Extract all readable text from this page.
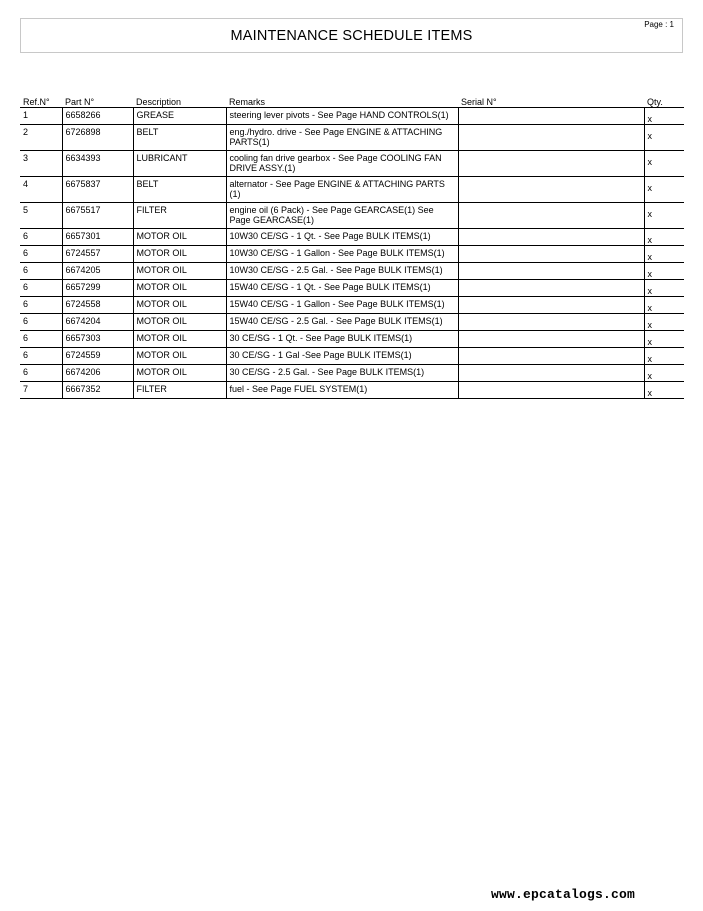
Page : 1
MAINTENANCE SCHEDULE ITEMS
Ref.N°	Part N°	Description	Remarks	Serial N°	Qty.
1	6658266	GREASE	steering lever pivots - See Page HAND CONTROLS(1)		x
2	6726898	BELT	eng./hydro. drive - See Page ENGINE & ATTACHING PARTS(1)		x
3	6634393	LUBRICANT	cooling fan drive gearbox - See Page COOLING FAN DRIVE ASSY.(1)		x
4	6675837	BELT	alternator - See Page ENGINE & ATTACHING PARTS (1)		x
5	6675517	FILTER	engine oil (6 Pack) - See Page GEARCASE(1) See Page GEARCASE(1)		x
6	6657301	MOTOR OIL	10W30 CE/SG - 1 Qt. - See Page BULK ITEMS(1)		x
6	6724557	MOTOR OIL	10W30 CE/SG - 1 Gallon - See Page BULK ITEMS(1)		x
6	6674205	MOTOR OIL	10W30 CE/SG - 2.5 Gal. - See Page BULK ITEMS(1)		x
6	6657299	MOTOR OIL	15W40 CE/SG - 1 Qt. - See Page BULK ITEMS(1)		x
6	6724558	MOTOR OIL	15W40 CE/SG - 1 Gallon - See Page BULK ITEMS(1)		x
6	6674204	MOTOR OIL	15W40 CE/SG - 2.5 Gal. - See Page BULK ITEMS(1)		x
6	6657303	MOTOR OIL	30 CE/SG - 1 Qt. - See Page BULK ITEMS(1)		x
6	6724559	MOTOR OIL	30 CE/SG - 1 Gal -See Page BULK ITEMS(1)		x
6	6674206	MOTOR OIL	30 CE/SG - 2.5 Gal. - See Page BULK ITEMS(1)		x
7	6667352	FILTER	fuel - See Page FUEL SYSTEM(1)		x
www.epcatalogs.com
